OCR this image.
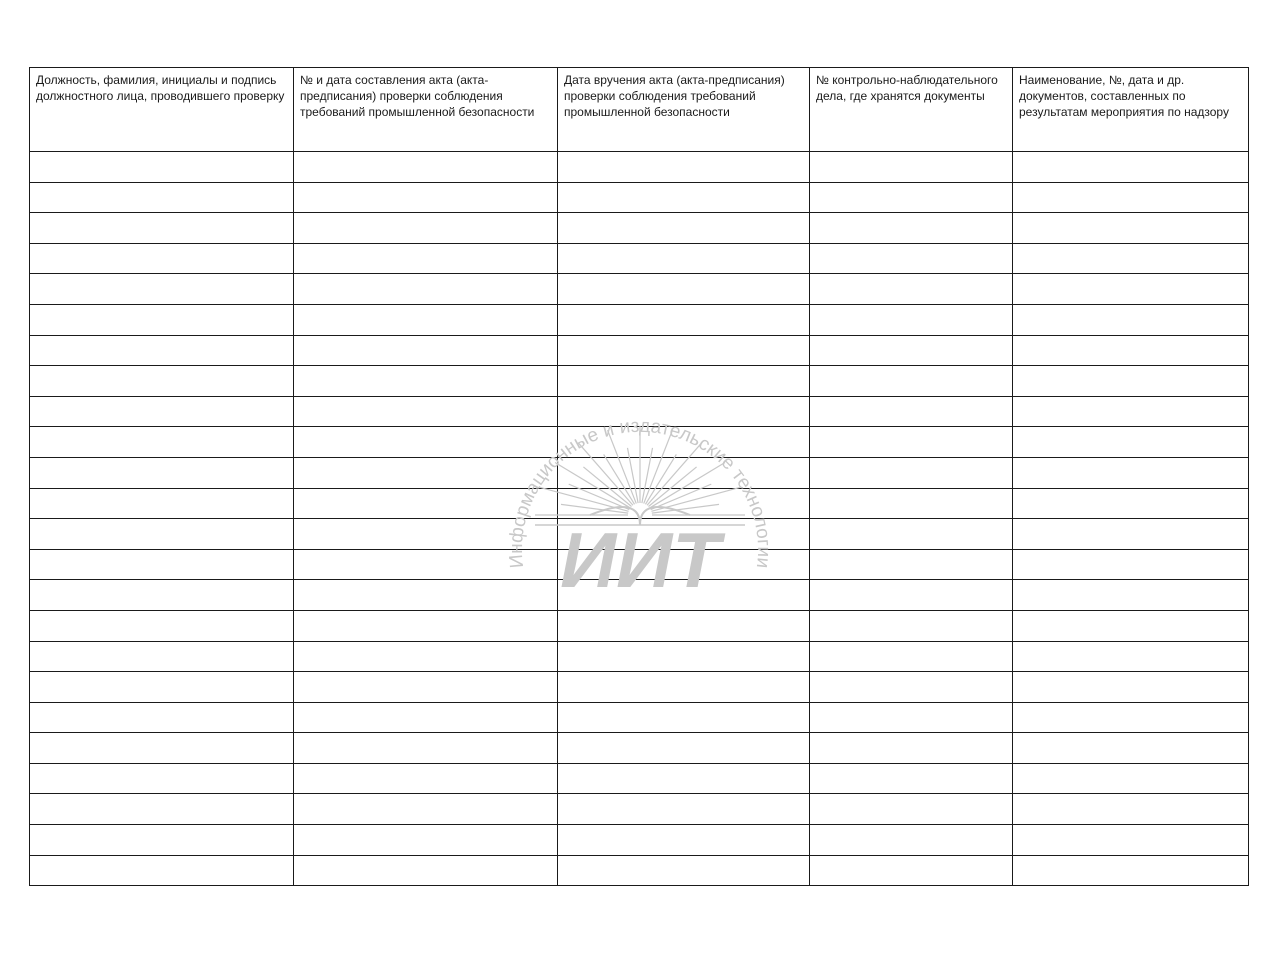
Должность, фамилия, инициалы и подпись должностного лица, проводившего проверку	№ и дата составления акта (акта-предписания) проверки соблюдения требований промышленной безопасности	Дата вручения акта (акта-предписания) проверки соблюдения требований промышленной безопасности	№ контрольно-наблюдательного дела, где хранятся документы	Наименование, №, дата и др. документов, составленных по результатам мероприятия по надзору

ИИТ
Информационные и издательские технологии
